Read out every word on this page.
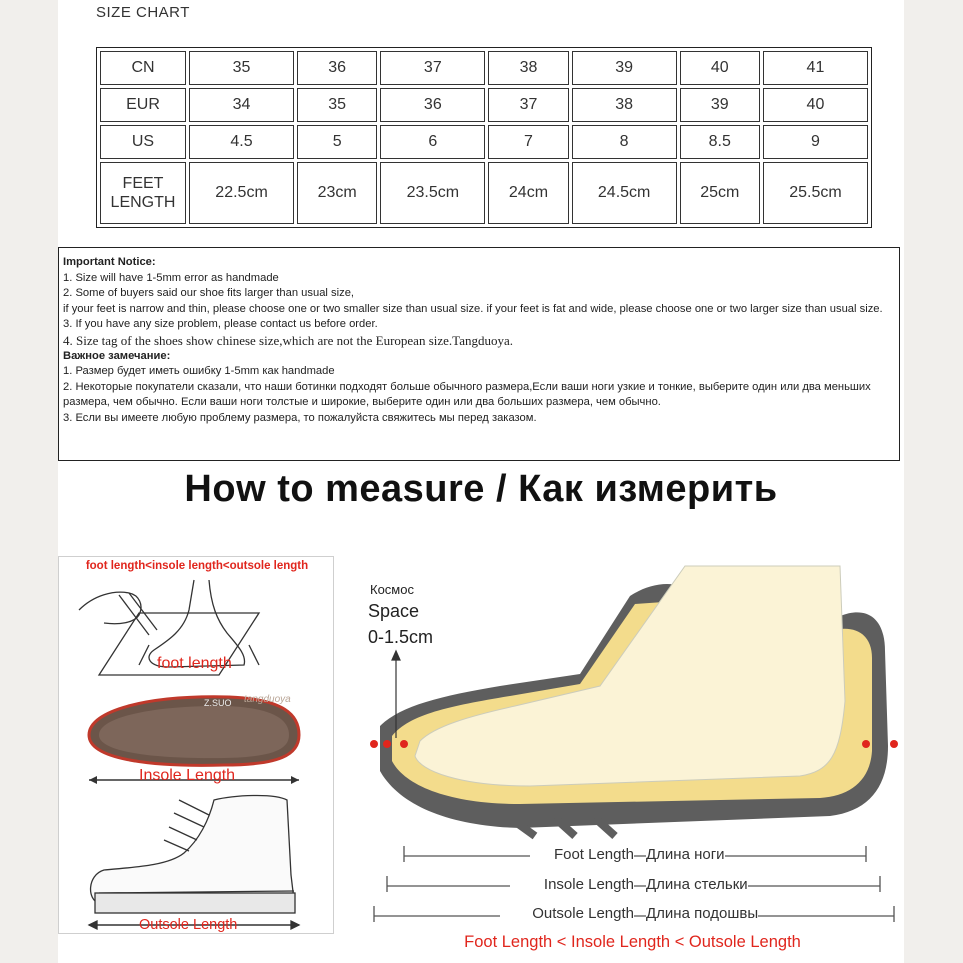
SIZE CHART
CN	35	36	37	38	39	40	41
EUR	34	35	36	37	38	39	40
US	4.5	5	6	7	8	8.5	9
FEET
LENGTH	22.5cm	23cm	23.5cm	24cm	24.5cm	25cm	25.5cm
Important Notice:
1. Size will have 1-5mm error as handmade
2. Some of buyers said our shoe fits larger than usual size,
if your feet is narrow and thin, please choose one or two smaller size than usual size. if your feet is fat and wide, please choose one or two larger size than usual size.
3. If you have any size problem, please contact us before order.
4. Size tag of the shoes show chinese size,which are not the European size.Tangduoya.
Важное замечание:
1. Размер будет иметь ошибку 1-5mm как handmade
2. Некоторые покупатели сказали, что наши ботинки подходят больше обычного размера,Если ваши ноги узкие и тонкие, выберите один или два меньших размера, чем обычно. Если ваши ноги толстые и широкие, выберите один или два больших размера, чем обычно.
3. Если вы имеете любую проблему размера, то пожалуйста свяжитесь мы перед заказом.
How to measure / Как измерить
foot length<insole length<outsole length
Z.SUO tangduoya
foot length
Insole Length
Outsole Length
Космос
Space
0-1.5cm
Foot Length Длина ноги
Insole Length Длина стельки
Outsole Length Длина подошвы
Foot Length < Insole Length < Outsole Length
